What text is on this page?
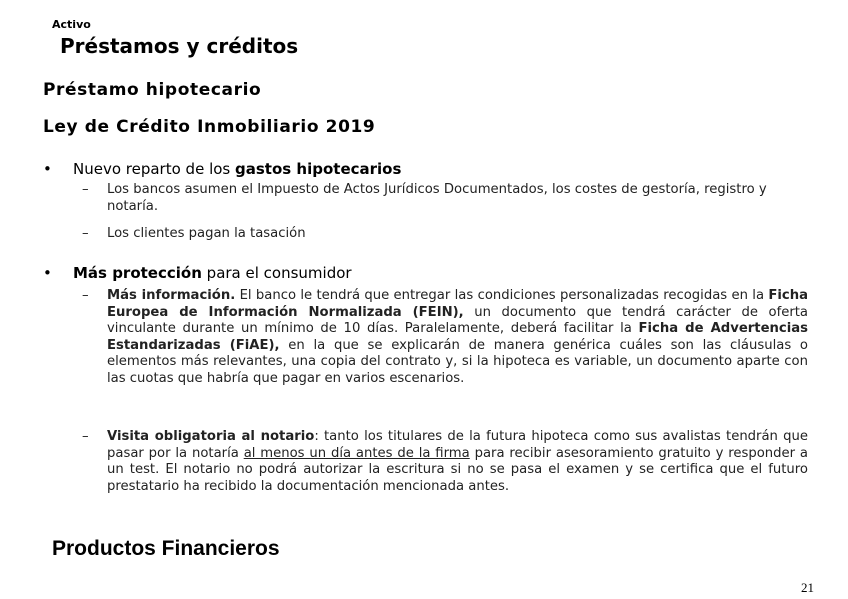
Activo
Préstamos y créditos
Préstamo hipotecario
Ley de Crédito Inmobiliario 2019
• Nuevo reparto de los gastos hipotecarios
– Los bancos asumen el Impuesto de Actos Jurídicos Documentados, los costes de gestoría, registro y notaría.
– Los clientes pagan la tasación
• Más protección para el consumidor
– Más información. El banco le tendrá que entregar las condiciones personalizadas recogidas en la Ficha Europea de Información Normalizada (FEIN), un documento que tendrá carácter de oferta vinculante durante un mínimo de 10 días. Paralelamente, deberá facilitar la Ficha de Advertencias Estandarizadas (FiAE), en la que se explicarán de manera genérica cuáles son las cláusulas o elementos más relevantes, una copia del contrato y, si la hipoteca es variable, un documento aparte con las cuotas que habría que pagar en varios escenarios.
– Visita obligatoria al notario: tanto los titulares de la futura hipoteca como sus avalistas tendrán que pasar por la notaría al menos un día antes de la firma para recibir asesoramiento gratuito y responder a un test. El notario no podrá autorizar la escritura si no se pasa el examen y se certifica que el futuro prestatario ha recibido la documentación mencionada antes.
Productos Financieros
21
